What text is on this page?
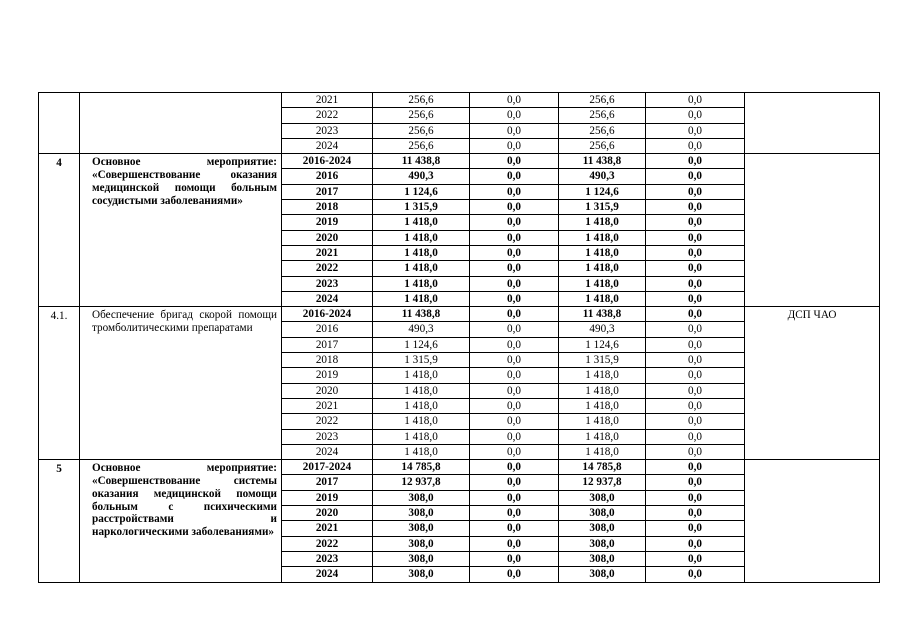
		2021	256,6	0,0	256,6	0,0	
		2022	256,6	0,0	256,6	0,0	
		2023	256,6	0,0	256,6	0,0	
		2024	256,6	0,0	256,6	0,0	
4	Основное мероприятие: «Совершенствование оказания медицинской помощи больным сосудистыми заболеваниями»	2016-2024	11 438,8	0,0	11 438,8	0,0	
		2016	490,3	0,0	490,3	0,0	
		2017	1 124,6	0,0	1 124,6	0,0	
		2018	1 315,9	0,0	1 315,9	0,0	
		2019	1 418,0	0,0	1 418,0	0,0	
		2020	1 418,0	0,0	1 418,0	0,0	
		2021	1 418,0	0,0	1 418,0	0,0	
		2022	1 418,0	0,0	1 418,0	0,0	
		2023	1 418,0	0,0	1 418,0	0,0	
		2024	1 418,0	0,0	1 418,0	0,0	
4.1.	Обеспечение бригад скорой помощи тромболитическими препаратами	2016-2024	11 438,8	0,0	11 438,8	0,0	ДСП ЧАО
		2016	490,3	0,0	490,3	0,0	
		2017	1 124,6	0,0	1 124,6	0,0	
		2018	1 315,9	0,0	1 315,9	0,0	
		2019	1 418,0	0,0	1 418,0	0,0	
		2020	1 418,0	0,0	1 418,0	0,0	
		2021	1 418,0	0,0	1 418,0	0,0	
		2022	1 418,0	0,0	1 418,0	0,0	
		2023	1 418,0	0,0	1 418,0	0,0	
		2024	1 418,0	0,0	1 418,0	0,0	
5	Основное мероприятие: «Совершенствование системы оказания медицинской помощи больным с психическими расстройствами и наркологическими заболеваниями»	2017-2024	14 785,8	0,0	14 785,8	0,0	
		2017	12 937,8	0,0	12 937,8	0,0	
		2019	308,0	0,0	308,0	0,0	
		2020	308,0	0,0	308,0	0,0	
		2021	308,0	0,0	308,0	0,0	
		2022	308,0	0,0	308,0	0,0	
		2023	308,0	0,0	308,0	0,0	
		2024	308,0	0,0	308,0	0,0	
